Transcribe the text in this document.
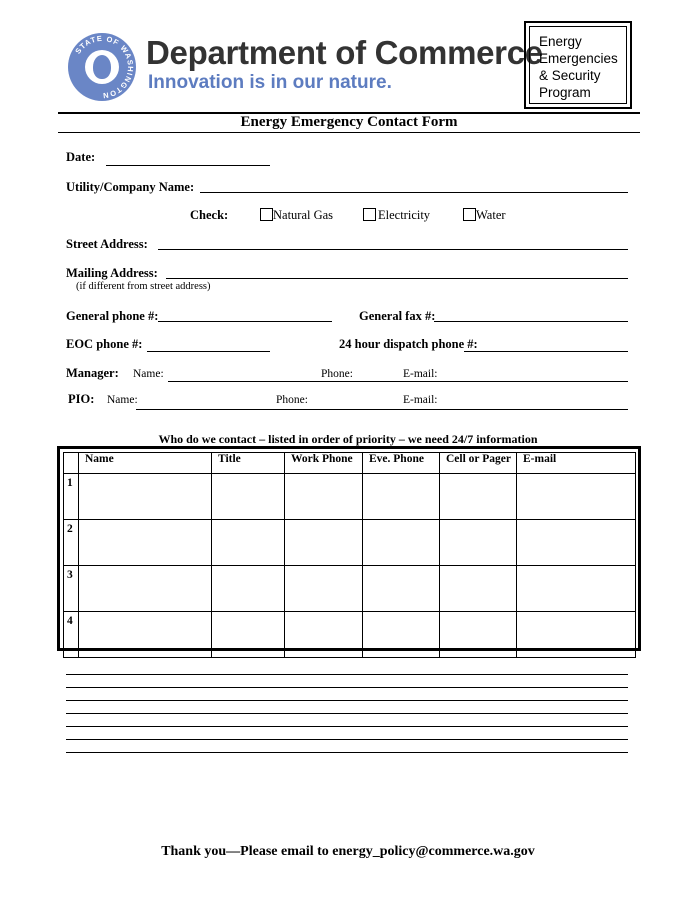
STATE OF WASHINGTON
Department of Commerce
Innovation is in our nature.
Energy
Emergencies
& Security
Program
Energy Emergency Contact Form
Date:
Utility/Company Name:
Check:	Natural Gas	Electricity	Water
Street Address:
Mailing Address:
(if different from street address)
General phone #:	General fax #:
EOC phone #:	24 hour dispatch phone #:
Manager: Name:	Phone:	E-mail:
PIO: Name:	Phone:	E-mail:
Who do we contact – listed in order of priority – we need 24/7 information
	Name	Title	Work Phone	Eve. Phone	Cell or Pager	E-mail
1						
2						
3						
4						
Thank you—Please email to energy_policy@commerce.wa.gov
